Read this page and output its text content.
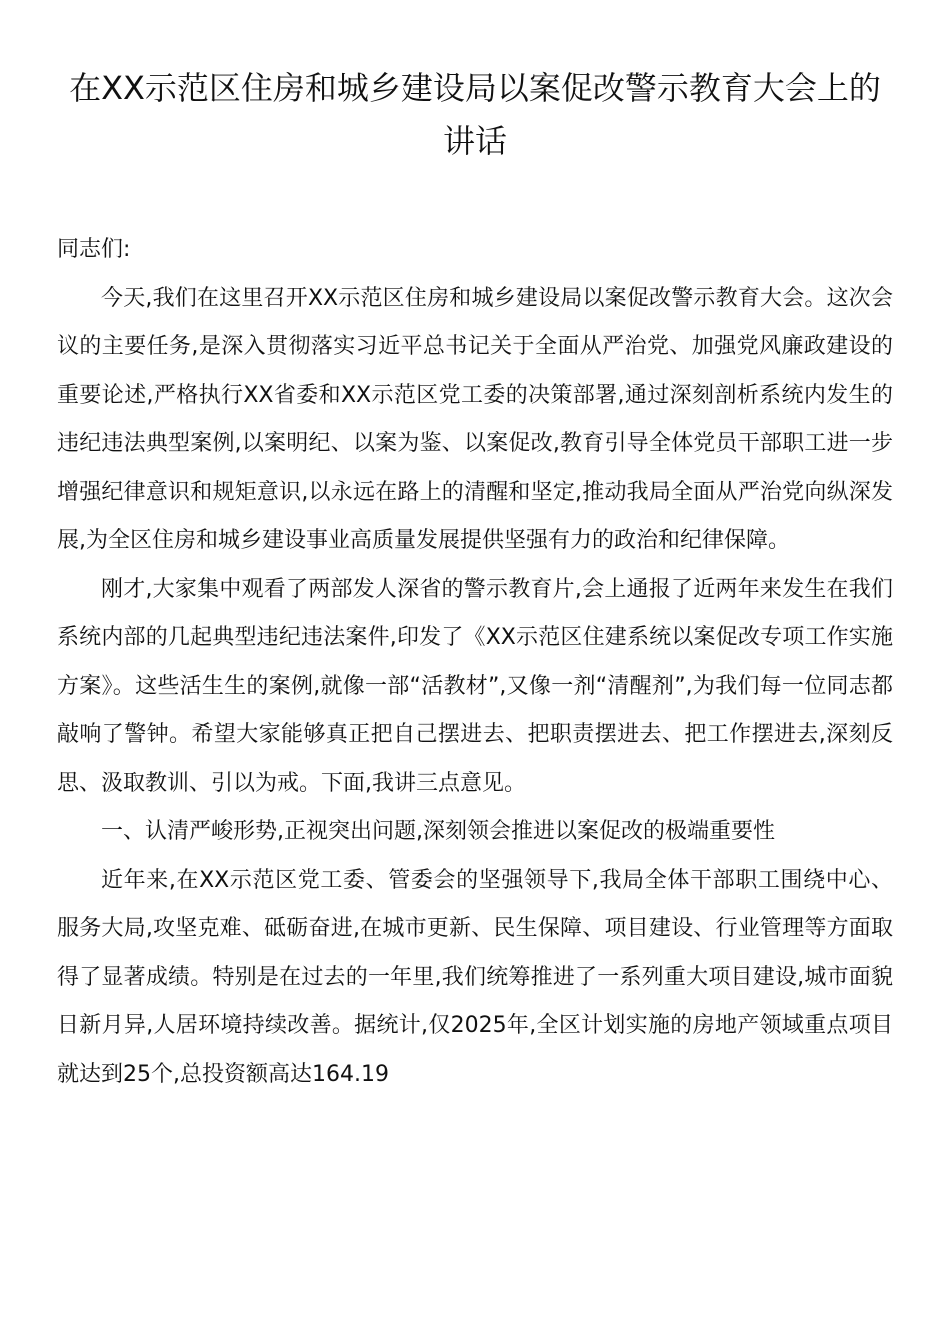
在XX示范区住房和城乡建设局以案促改警示教育大会上的讲话

同志们:

今天,我们在这里召开XX示范区住房和城乡建设局以案促改警示教育大会。这次会议的主要任务,是深入贯彻落实习近平总书记关于全面从严治党、加强党风廉政建设的重要论述,严格执行XX省委和XX示范区党工委的决策部署,通过深刻剖析系统内发生的违纪违法典型案例,以案明纪、以案为鉴、以案促改,教育引导全体党员干部职工进一步增强纪律意识和规矩意识,以永远在路上的清醒和坚定,推动我局全面从严治党向纵深发展,为全区住房和城乡建设事业高质量发展提供坚强有力的政治和纪律保障。

刚才,大家集中观看了两部发人深省的警示教育片,会上通报了近两年来发生在我们系统内部的几起典型违纪违法案件,印发了《XX示范区住建系统以案促改专项工作实施方案》。这些活生生的案例,就像一部“活教材”,又像一剂“清醒剂”,为我们每一位同志都敲响了警钟。希望大家能够真正把自己摆进去、把职责摆进去、把工作摆进去,深刻反思、汲取教训、引以为戒。下面,我讲三点意见。

一、认清严峻形势,正视突出问题,深刻领会推进以案促改的极端重要性

近年来,在XX示范区党工委、管委会的坚强领导下,我局全体干部职工围绕中心、服务大局,攻坚克难、砥砺奋进,在城市更新、民生保障、项目建设、行业管理等方面取得了显著成绩。特别是在过去的一年里,我们统筹推进了一系列重大项目建设,城市面貌日新月异,人居环境持续改善。据统计,仅2025年,全区计划实施的房地产领域重点项目就达到25个,总投资额高达164.19
